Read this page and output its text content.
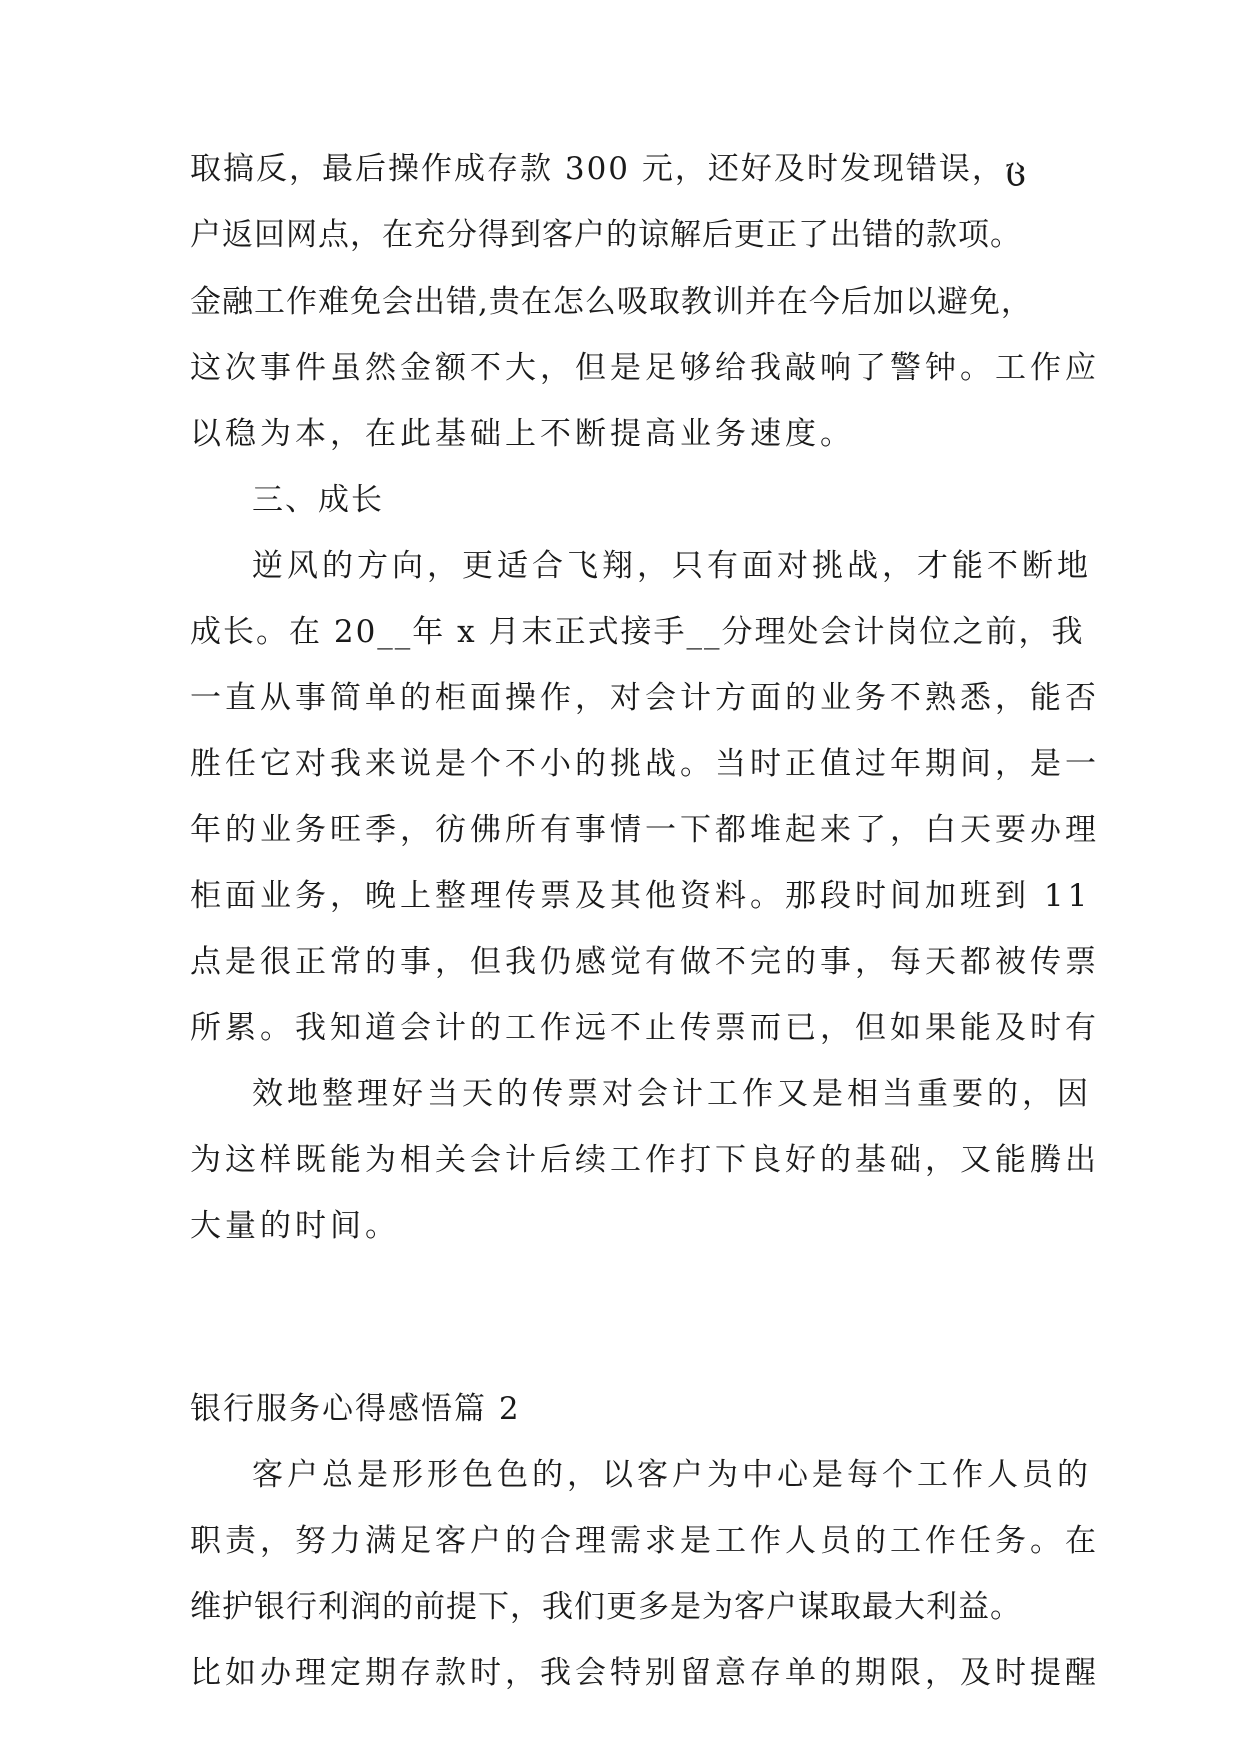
取搞反，最后操作成存款 300 元，还好及时发现错误，ც
户返回网点，在充分得到客户的谅解后更正了出错的款项。
金融工作难免会出错,贵在怎么吸取教训并在今后加以避免，
这次事件虽然金额不大，但是足够给我敲响了警钟。工作应
以稳为本，在此基础上不断提高业务速度。
三、成长
逆风的方向，更适合飞翔，只有面对挑战，才能不断地
成长。在 20__年 x 月末正式接手__分理处会计岗位之前，我
一直从事简单的柜面操作，对会计方面的业务不熟悉，能否
胜任它对我来说是个不小的挑战。当时正值过年期间，是一
年的业务旺季，彷佛所有事情一下都堆起来了，白天要办理
柜面业务，晚上整理传票及其他资料。那段时间加班到 11
点是很正常的事，但我仍感觉有做不完的事，每天都被传票
所累。我知道会计的工作远不止传票而已，但如果能及时有
效地整理好当天的传票对会计工作又是相当重要的，因
为这样既能为相关会计后续工作打下良好的基础，又能腾出
大量的时间。
银行服务心得感悟篇 2
客户总是形形色色的，以客户为中心是每个工作人员的
职责，努力满足客户的合理需求是工作人员的工作任务。在
维护银行利润的前提下，我们更多是为客户谋取最大利益。
比如办理定期存款时，我会特别留意存单的期限，及时提醒
